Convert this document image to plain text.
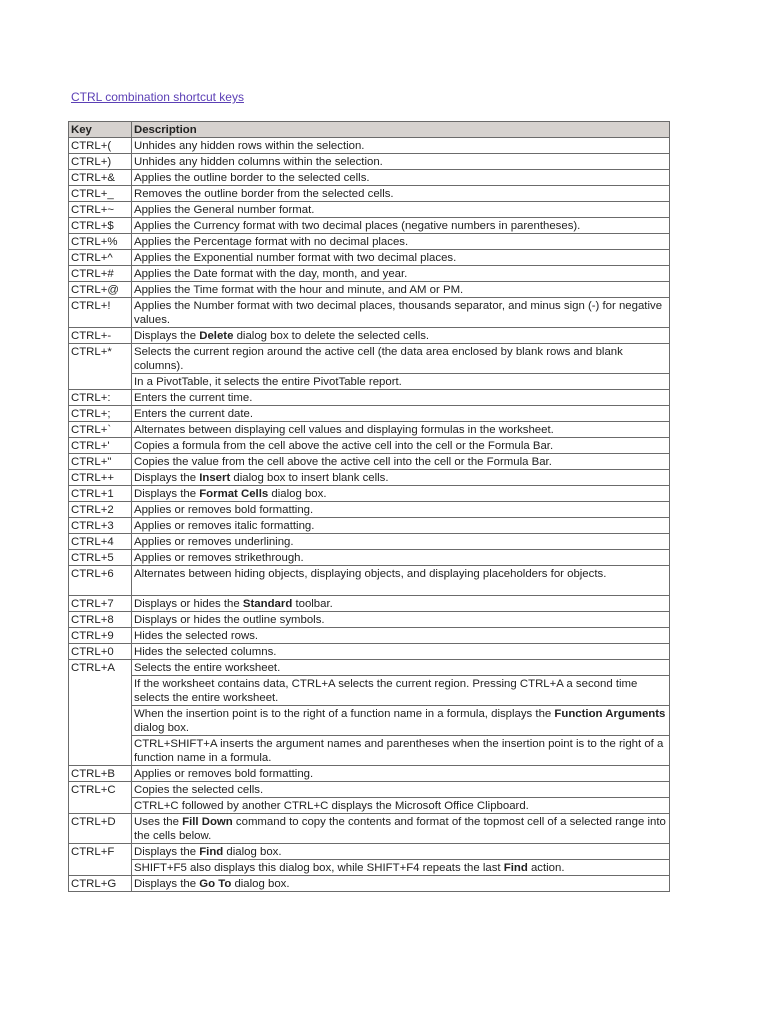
CTRL combination shortcut keys
Key	Description
CTRL+(	Unhides any hidden rows within the selection.
CTRL+)	Unhides any hidden columns within the selection.
CTRL+&	Applies the outline border to the selected cells.
CTRL+_	Removes the outline border from the selected cells.
CTRL+~	Applies the General number format.
CTRL+$	Applies the Currency format with two decimal places (negative numbers in parentheses).
CTRL+%	Applies the Percentage format with no decimal places.
CTRL+^	Applies the Exponential number format with two decimal places.
CTRL+#	Applies the Date format with the day, month, and year.
CTRL+@	Applies the Time format with the hour and minute, and AM or PM.
CTRL+!	Applies the Number format with two decimal places, thousands separator, and minus sign (-) for negative values.
CTRL+-	Displays the Delete dialog box to delete the selected cells.
CTRL+*	Selects the current region around the active cell (the data area enclosed by blank rows and blank columns).
	In a PivotTable, it selects the entire PivotTable report.
CTRL+:	Enters the current time.
CTRL+;	Enters the current date.
CTRL+`	Alternates between displaying cell values and displaying formulas in the worksheet.
CTRL+'	Copies a formula from the cell above the active cell into the cell or the Formula Bar.
CTRL+"	Copies the value from the cell above the active cell into the cell or the Formula Bar.
CTRL++	Displays the Insert dialog box to insert blank cells.
CTRL+1	Displays the Format Cells dialog box.
CTRL+2	Applies or removes bold formatting.
CTRL+3	Applies or removes italic formatting.
CTRL+4	Applies or removes underlining.
CTRL+5	Applies or removes strikethrough.
CTRL+6	Alternates between hiding objects, displaying objects, and displaying placeholders for objects.
CTRL+7	Displays or hides the Standard toolbar.
CTRL+8	Displays or hides the outline symbols.
CTRL+9	Hides the selected rows.
CTRL+0	Hides the selected columns.
CTRL+A	Selects the entire worksheet.
	If the worksheet contains data, CTRL+A selects the current region. Pressing CTRL+A a second time selects the entire worksheet.
	When the insertion point is to the right of a function name in a formula, displays the Function Arguments dialog box.
	CTRL+SHIFT+A inserts the argument names and parentheses when the insertion point is to the right of a function name in a formula.
CTRL+B	Applies or removes bold formatting.
CTRL+C	Copies the selected cells.
	CTRL+C followed by another CTRL+C displays the Microsoft Office Clipboard.
CTRL+D	Uses the Fill Down command to copy the contents and format of the topmost cell of a selected range into the cells below.
CTRL+F	Displays the Find dialog box.
	SHIFT+F5 also displays this dialog box, while SHIFT+F4 repeats the last Find action.
CTRL+G	Displays the Go To dialog box.
